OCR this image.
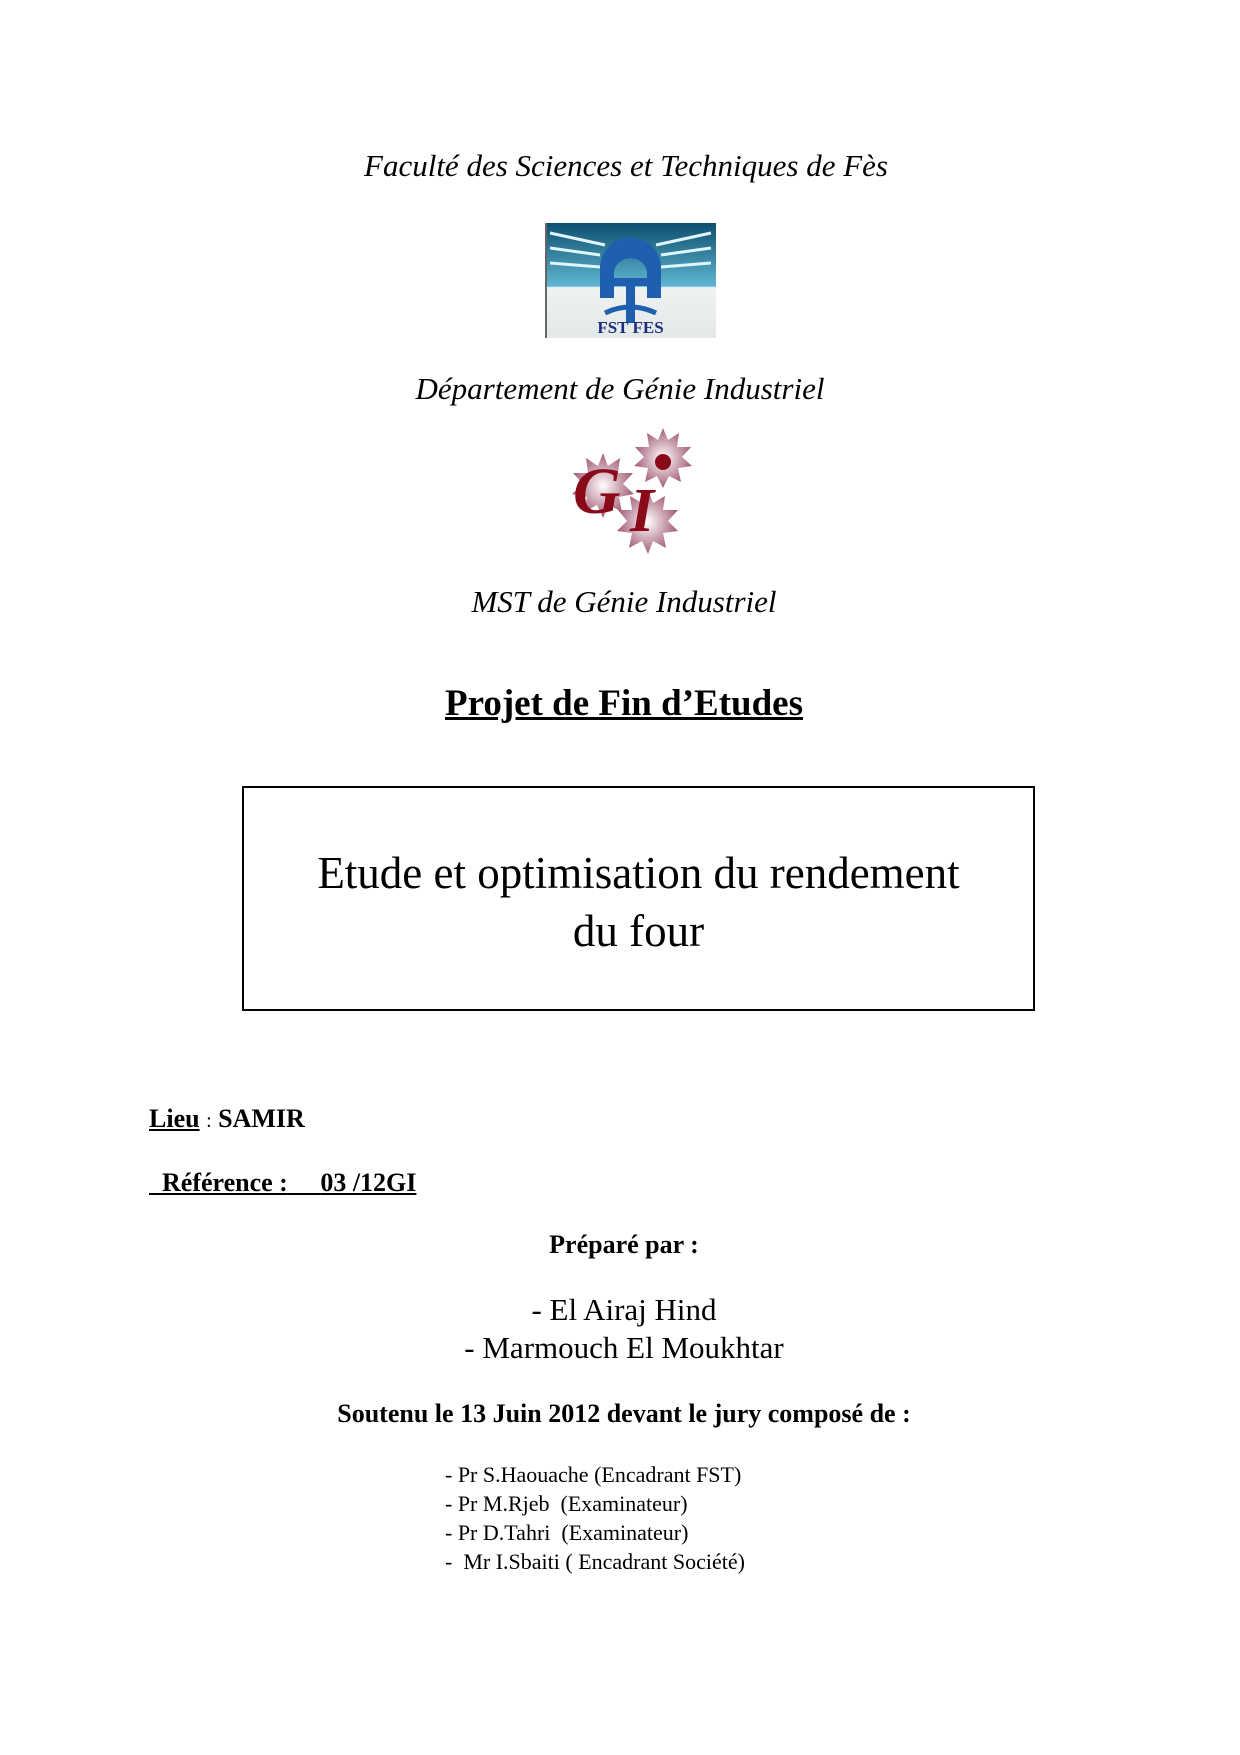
Faculté des Sciences et Techniques de Fès
FST FES
Département de Génie Industriel
G I
MST de Génie Industriel
Projet de Fin d’Etudes
Etude et optimisation du rendement
du four
Lieu : SAMIR

Référence : 03 /12GI

Préparé par :
- El Airaj Hind
- Marmouch El Moukhtar
Soutenu le 13 Juin 2012 devant le jury composé de :
- Pr S.Haouache (Encadrant FST)
- Pr M.Rjeb  (Examinateur)
- Pr D.Tahri  (Examinateur)
-  Mr I.Sbaiti ( Encadrant Société)
